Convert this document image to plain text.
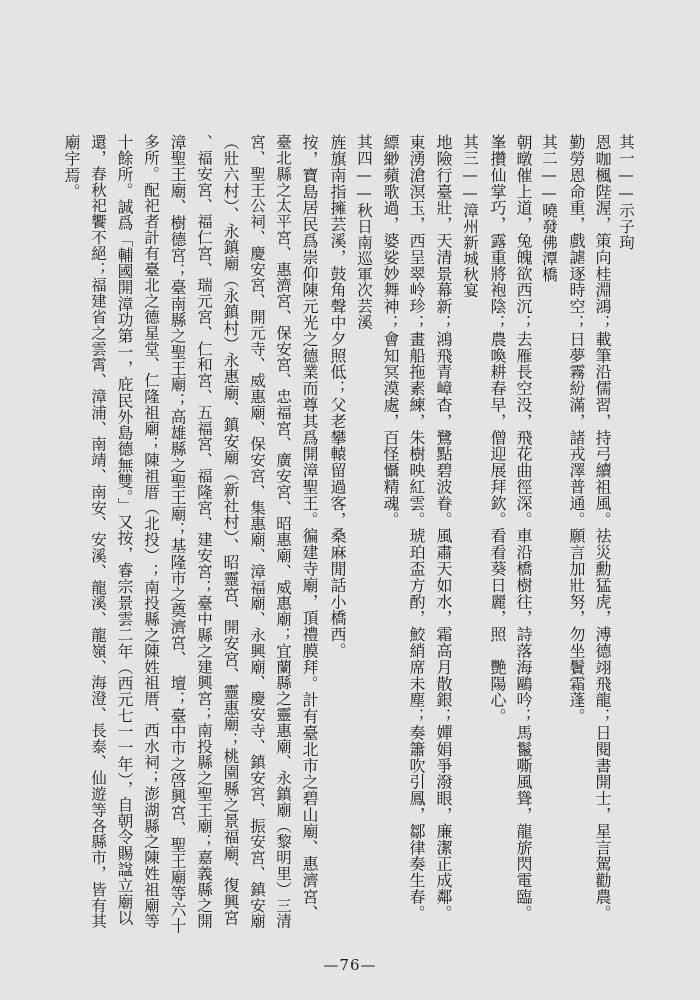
其一——示子珣
恩咖楓陛渥，策向桂淵鴻；載筆沿儒習，持弓續祖風。祛災勳猛虎，溥德翊飛龍；日閱書開士，星言駕勸農。
勤勞恩命重，戲謔逐時空；日夢霧紛滿，諸戎澤普通。願言加壯努，勿坐鬢霜蓬。
其二——曉發佛潭橋
朝暾催上道，兔魄欲西沉；去雁長空没，飛花曲徑深。車沿橋樹往，詩落海鷗吟；馬鬣嘶風聳，龍旂閃電臨。
峯攢仙掌巧，露重將袍陰；農喚耕春早，僧迎展拜欽。看看葵日麗，照　艷陽心。
其三——漳州新城秋宴
地險行臺壯，天清景幕新；鴻飛青嶂杳，鷺點碧波眷。風肅天如水，霜高月散銀；嬋娟爭潑眼，廉潔正成鄰。
東湧滄溟玉，西呈翠岭珍；畫船拖素練，朱樹映紅雲。琥珀盃方酌，鮫綃席未塵；奏簫吹引鳳，鄒律奏生春。
縹緲蘋歌過，婆娑妙舞神；會知冥漠處，百怪懾精魂。
其四——秋日南巡軍次芸溪
旌旗南指擁芸溪，鼓角聲中夕照低；父老攀轅留過客，桑麻閒話小橋西。
按，寶島居民爲崇仰陳元光之德業而尊其爲開漳聖王。徧建寺廟，頂禮膜拜。計有臺北市之碧山廟、惠濟宮、
臺北縣之太平宮、惠濟宮、保安宮、忠福宮、廣安宮、昭惠廟、威惠廟；宜蘭縣之靈惠廟、永鎮廟（黎明里）三清
宮、聖王公祠、慶安宮、開元寺、威惠廟、保安宮、集惠廟、漳福廟、永興廟、慶安寺、鎮安宮、振安宮、鎮安廟
（壯六村）、永鎮廟（永鎮村）永惠廟、鎮安廟（新社村）、昭靈宮、開安宮、靈惠廟；桃園縣之景福廟、復興宮
、福安宮、福仁宮、瑞元宮、仁和宮、五福宮、福隆宮、建安宮；臺中縣之建興宮；南投縣之聖王廟；嘉義縣之開
漳聖王廟、樹德宮；臺南縣之聖王廟；高雄縣之聖王廟；基隆市之奠濟宮、　壇；臺中市之啓興宮、聖王廟等六十
多所。配祀者計有臺北之德星堂、仁隆祖廟；陳祖厝（北投）；南投縣之陳姓祖厝、西水祠；澎湖縣之陳姓祖廟等
十餘所。誠爲「輔國開漳功第一，庇民外島德無雙。」又按，睿宗景雲二年（西元七一一年），自朝令賜諡立廟以
還，春秋祀饗不絕；福建省之雲霄、漳浦、南靖、南安、安溪、龍溪、龍嶺、海澄、長泰、仙遊等各縣市，皆有其
廟宇焉。
—76—
